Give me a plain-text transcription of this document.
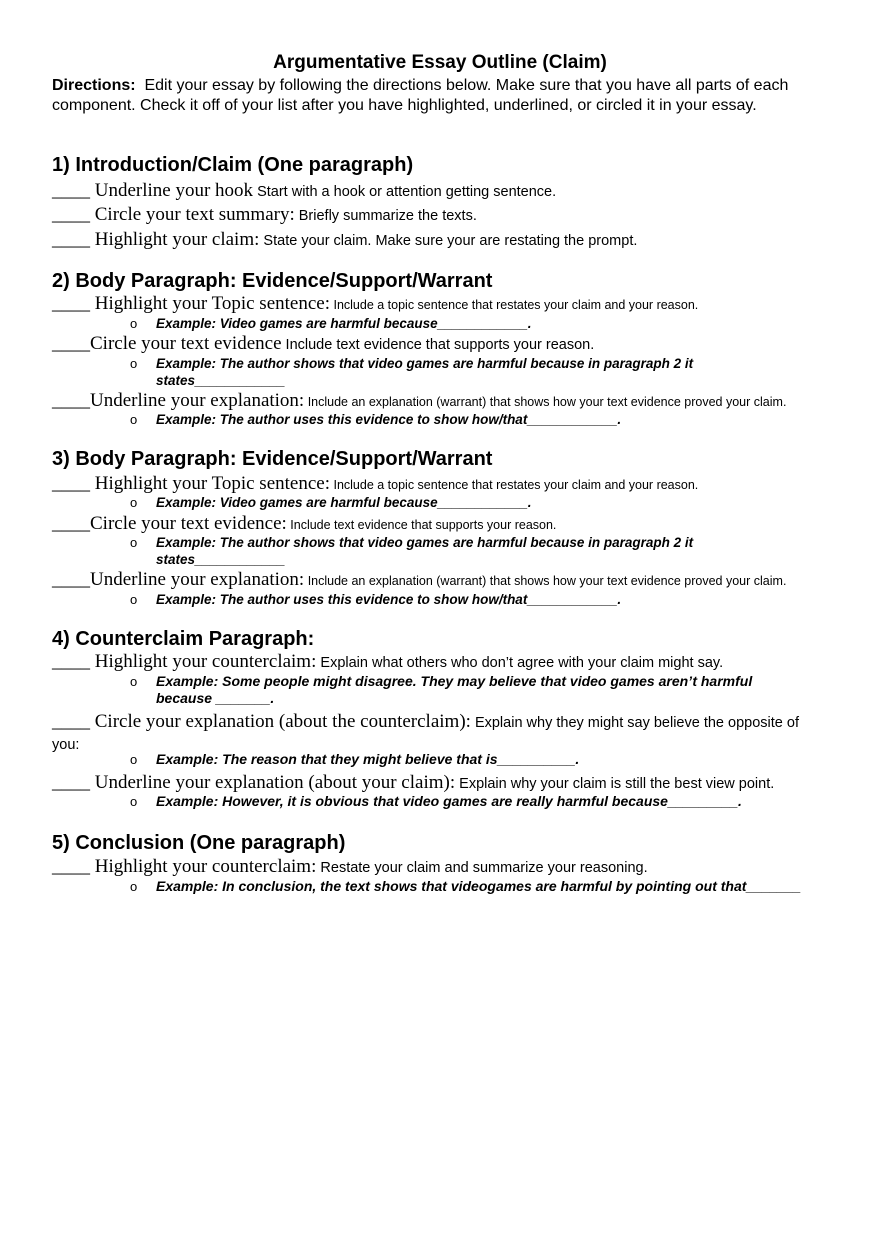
Argumentative Essay Outline (Claim)
Directions: Edit your essay by following the directions below. Make sure that you have all parts of each component. Check it off of your list after you have highlighted, underlined, or circled it in your essay.
1) Introduction/Claim (One paragraph)
____ Underline your hook Start with a hook or attention getting sentence.
____ Circle your text summary: Briefly summarize the texts.
____ Highlight your claim: State your claim. Make sure your are restating the prompt.
2) Body Paragraph: Evidence/Support/Warrant
____ Highlight your Topic sentence: Include a topic sentence that restates your claim and your reason.
o Example: Video games are harmful because____________.
____Circle your text evidence Include text evidence that supports your reason.
o Example: The author shows that video games are harmful because in paragraph 2 it states____________
____Underline your explanation: Include an explanation (warrant) that shows how your text evidence proved your claim.
o Example: The author uses this evidence to show how/that____________.
3) Body Paragraph: Evidence/Support/Warrant
____ Highlight your Topic sentence: Include a topic sentence that restates your claim and your reason.
o Example: Video games are harmful because____________.
____Circle your text evidence: Include text evidence that supports your reason.
o Example: The author shows that video games are harmful because in paragraph 2 it states____________
____Underline your explanation: Include an explanation (warrant) that shows how your text evidence proved your claim.
o Example: The author uses this evidence to show how/that____________.
4) Counterclaim Paragraph:
____ Highlight your counterclaim: Explain what others who don’t agree with your claim might say.
o Example: Some people might disagree. They may believe that video games aren’t harmful because _______.
____ Circle your explanation (about the counterclaim): Explain why they might say believe the opposite of you:
o Example: The reason that they might believe that is__________.
____ Underline your explanation (about your claim): Explain why your claim is still the best view point.
o Example: However, it is obvious that video games are really harmful because_________.
5) Conclusion (One paragraph)
____ Highlight your counterclaim: Restate your claim and summarize your reasoning.
o Example: In conclusion, the text shows that videogames are harmful by pointing out that_______
